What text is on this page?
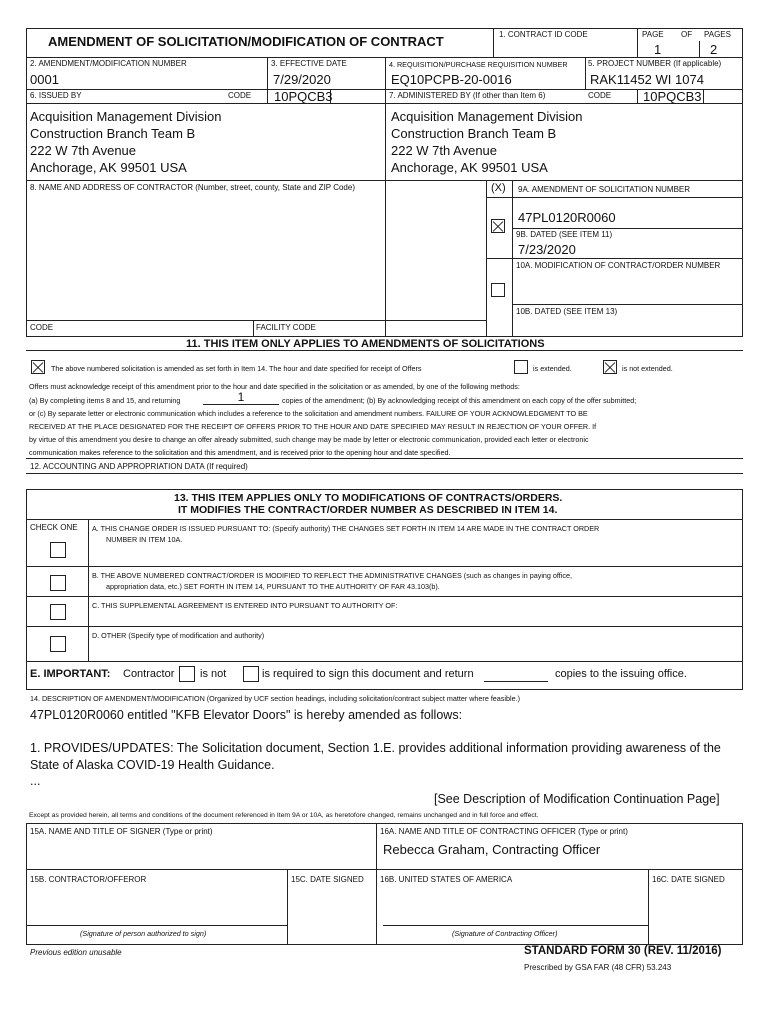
AMENDMENT OF SOLICITATION/MODIFICATION OF CONTRACT	1. CONTRACT ID CODE	PAGE OF PAGES
1	2
2. AMENDMENT/MODIFICATION NUMBER
0001
3. EFFECTIVE DATE
7/29/2020
4. REQUISITION/PURCHASE REQUISITION NUMBER
EQ10PCPB-20-0016
5. PROJECT NUMBER (If applicable)
RAK11452 WI 1074
6. ISSUED BY	CODE 10PQCB3	7. ADMINISTERED BY (If other than Item 6)	CODE 10PQCB3
Acquisition Management Division
Construction Branch Team B
222 W 7th Avenue
Anchorage, AK 99501 USA
Acquisition Management Division
Construction Branch Team B
222 W 7th Avenue
Anchorage, AK 99501 USA
8. NAME AND ADDRESS OF CONTRACTOR (Number, street, county, State and ZIP Code)	(X) 9A. AMENDMENT OF SOLICITATION NUMBER
47PL0120R0060
9B. DATED (SEE ITEM 11)
7/23/2020
10A. MODIFICATION OF CONTRACT/ORDER NUMBER
10B. DATED (SEE ITEM 13)
CODE	FACILITY CODE
11. THIS ITEM ONLY APPLIES TO AMENDMENTS OF SOLICITATIONS
The above numbered solicitation is amended as set forth in Item 14. The hour and date specified for receipt of Offers	is extended.	is not extended.
Offers must acknowledge receipt of this amendment prior to the hour and date specified in the solicitation or as amended, by one of the following methods:
(a) By completing items 8 and 15, and returning	1	copies of the amendment; (b) By acknowledging receipt of this amendment on each copy of the offer submitted;
or (c) By separate letter or electronic communication which includes a reference to the solicitation and amendment numbers. FAILURE OF YOUR ACKNOWLEDGMENT TO BE
RECEIVED AT THE PLACE DESIGNATED FOR THE RECEIPT OF OFFERS PRIOR TO THE HOUR AND DATE SPECIFIED MAY RESULT IN REJECTION OF YOUR OFFER. If
by virtue of this amendment you desire to change an offer already submitted, such change may be made by letter or electronic communication, provided each letter or electronic
communication makes reference to the solicitation and this amendment, and is received prior to the opening hour and date specified.
12. ACCOUNTING AND APPROPRIATION DATA (If required)
13. THIS ITEM APPLIES ONLY TO MODIFICATIONS OF CONTRACTS/ORDERS.
IT MODIFIES THE CONTRACT/ORDER NUMBER AS DESCRIBED IN ITEM 14.
CHECK ONE A. THIS CHANGE ORDER IS ISSUED PURSUANT TO: (Specify authority) THE CHANGES SET FORTH IN ITEM 14 ARE MADE IN THE CONTRACT ORDER
NUMBER IN ITEM 10A.
B. THE ABOVE NUMBERED CONTRACT/ORDER IS MODIFIED TO REFLECT THE ADMINISTRATIVE CHANGES (such as changes in paying office,
appropriation data, etc.) SET FORTH IN ITEM 14, PURSUANT TO THE AUTHORITY OF FAR 43.103(b).
C. THIS SUPPLEMENTAL AGREEMENT IS ENTERED INTO PURSUANT TO AUTHORITY OF:
D. OTHER (Specify type of modification and authority)
E. IMPORTANT: Contractor is not	is required to sign this document and return	copies to the issuing office.
14. DESCRIPTION OF AMENDMENT/MODIFICATION (Organized by UCF section headings, including solicitation/contract subject matter where feasible.)
47PL0120R0060 entitled "KFB Elevator Doors" is hereby amended as follows:
1. PROVIDES/UPDATES: The Solicitation document, Section 1.E. provides additional information providing awareness of the
State of Alaska COVID-19 Health Guidance.
...
[See Description of Modification Continuation Page]
Except as provided herein, all terms and conditions of the document referenced in Item 9A or 10A, as heretofore changed, remains unchanged and in full force and effect.
15A. NAME AND TITLE OF SIGNER (Type or print)	16A. NAME AND TITLE OF CONTRACTING OFFICER (Type or print)
Rebecca Graham, Contracting Officer
15B. CONTRACTOR/OFFEROR	15C. DATE SIGNED 16B. UNITED STATES OF AMERICA	16C. DATE SIGNED
(Signature of person authorized to sign)	(Signature of Contracting Officer)
Previous edition unusable	STANDARD FORM 30 (REV. 11/2016)
Prescribed by GSA FAR (48 CFR) 53.243
